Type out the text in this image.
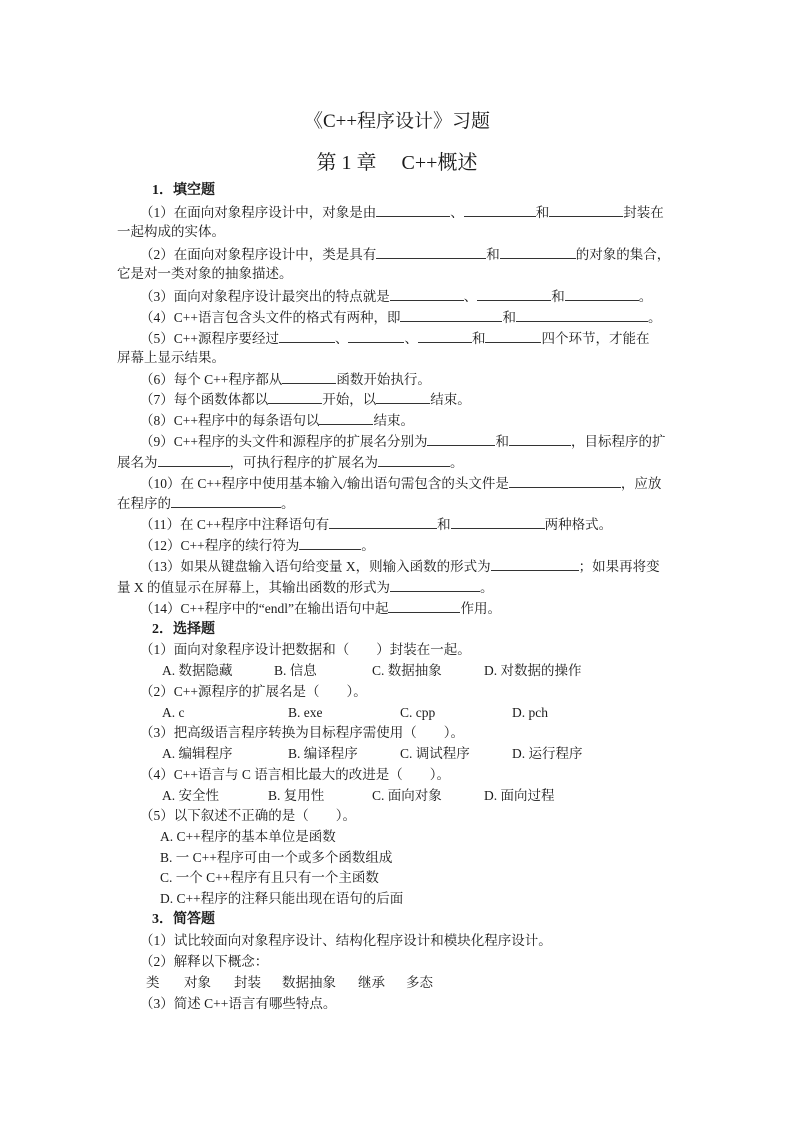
《C++程序设计》习题
第 1 章　 C++概述
1．填空题
（1）在面向对象程序设计中，对象是由	、	和	封装在
一起构成的实体。
（2）在面向对象程序设计中，类是具有	和	的对象的集合，
它是对一类对象的抽象描述。
（3）面向对象程序设计最突出的特点就是	、	和	。
（4）C++语言包含头文件的格式有两种，即	和	。
（5）C++源程序要经过	、	、	和	四个环节，才能在
屏幕上显示结果。
（6）每个 C++程序都从	函数开始执行。
（7）每个函数体都以	开始，以	结束。
（8）C++程序中的每条语句以	结束。
（9）C++程序的头文件和源程序的扩展名分别为	和	，目标程序的扩
展名为	，可执行程序的扩展名为	。
（10）在 C++程序中使用基本输入/输出语句需包含的头文件是	，应放
在程序的	。
（11）在 C++程序中注释语句有	和	两种格式。
（12）C++程序的续行符为	。
（13）如果从键盘输入语句给变量 X，则输入函数的形式为	；如果再将变
量 X 的值显示在屏幕上，其输出函数的形式为	。
（14）C++程序中的“endl”在输出语句中起	作用。
2．选择题
（1）面向对象程序设计把数据和（　　）封装在一起。
A. 数据隐藏	B. 信息	C. 数据抽象	D. 对数据的操作
（2）C++源程序的扩展名是（　　）。
A. c	B. exe	C. cpp	D. pch
（3）把高级语言程序转换为目标程序需使用（　　）。
A. 编辑程序	B. 编译程序	C. 调试程序	D. 运行程序
（4）C++语言与 C 语言相比最大的改进是（　　）。
A. 安全性	B. 复用性	C. 面向对象	D. 面向过程
（5）以下叙述不正确的是（　　）。
A. C++程序的基本单位是函数
B. 一 C++程序可由一个或多个函数组成
C. 一个 C++程序有且只有一个主函数
D. C++程序的注释只能出现在语句的后面
3．简答题
（1）试比较面向对象程序设计、结构化程序设计和模块化程序设计。
（2）解释以下概念：
类 对象 封装 数据抽象 继承 多态
（3）简述 C++语言有哪些特点。
